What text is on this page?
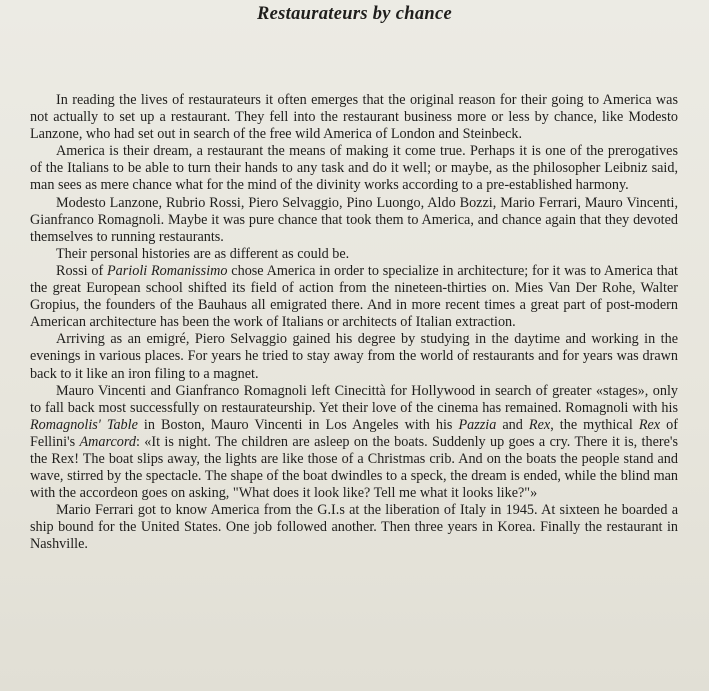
Restaurateurs by chance

In reading the lives of restaurateurs it often emerges that the original reason for their going to America was not actually to set up a restaurant. They fell into the restaurant business more or less by chance, like Modesto Lanzone, who had set out in search of the free wild America of London and Steinbeck.

America is their dream, a restaurant the means of making it come true. Perhaps it is one of the prerogatives of the Italians to be able to turn their hands to any task and do it well; or maybe, as the philosopher Leibniz said, man sees as mere chance what for the mind of the divinity works according to a pre-established harmony.

Modesto Lanzone, Rubrio Rossi, Piero Selvaggio, Pino Luongo, Aldo Bozzi, Mario Ferrari, Mauro Vincenti, Gianfranco Romagnoli. Maybe it was pure chance that took them to America, and chance again that they devoted themselves to running restaurants.

Their personal histories are as different as could be.

Rossi of Parioli Romanissimo chose America in order to specialize in architecture; for it was to America that the great European school shifted its field of action from the nineteen-thirties on. Mies Van Der Rohe, Walter Gropius, the founders of the Bauhaus all emigrated there. And in more recent times a great part of post-modern American architecture has been the work of Italians or architects of Italian extraction.

Arriving as an emigré, Piero Selvaggio gained his degree by studying in the daytime and working in the evenings in various places. For years he tried to stay away from the world of restaurants and for years was drawn back to it like an iron filing to a magnet.

Mauro Vincenti and Gianfranco Romagnoli left Cinecittà for Hollywood in search of greater «stages», only to fall back most successfully on restaurateurship. Yet their love of the cinema has remained. Romagnoli with his Romagnolis' Table in Boston, Mauro Vincenti in Los Angeles with his Pazzia and Rex, the mythical Rex of Fellini's Amarcord: «It is night. The children are asleep on the boats. Suddenly up goes a cry. There it is, there's the Rex! The boat slips away, the lights are like those of a Christmas crib. And on the boats the people stand and wave, stirred by the spectacle. The shape of the boat dwindles to a speck, the dream is ended, while the blind man with the accordeon goes on asking, "What does it look like? Tell me what it looks like?"»

Mario Ferrari got to know America from the G.I.s at the liberation of Italy in 1945. At sixteen he boarded a ship bound for the United States. One job followed another. Then three years in Korea. Finally the restaurant in Nashville.
